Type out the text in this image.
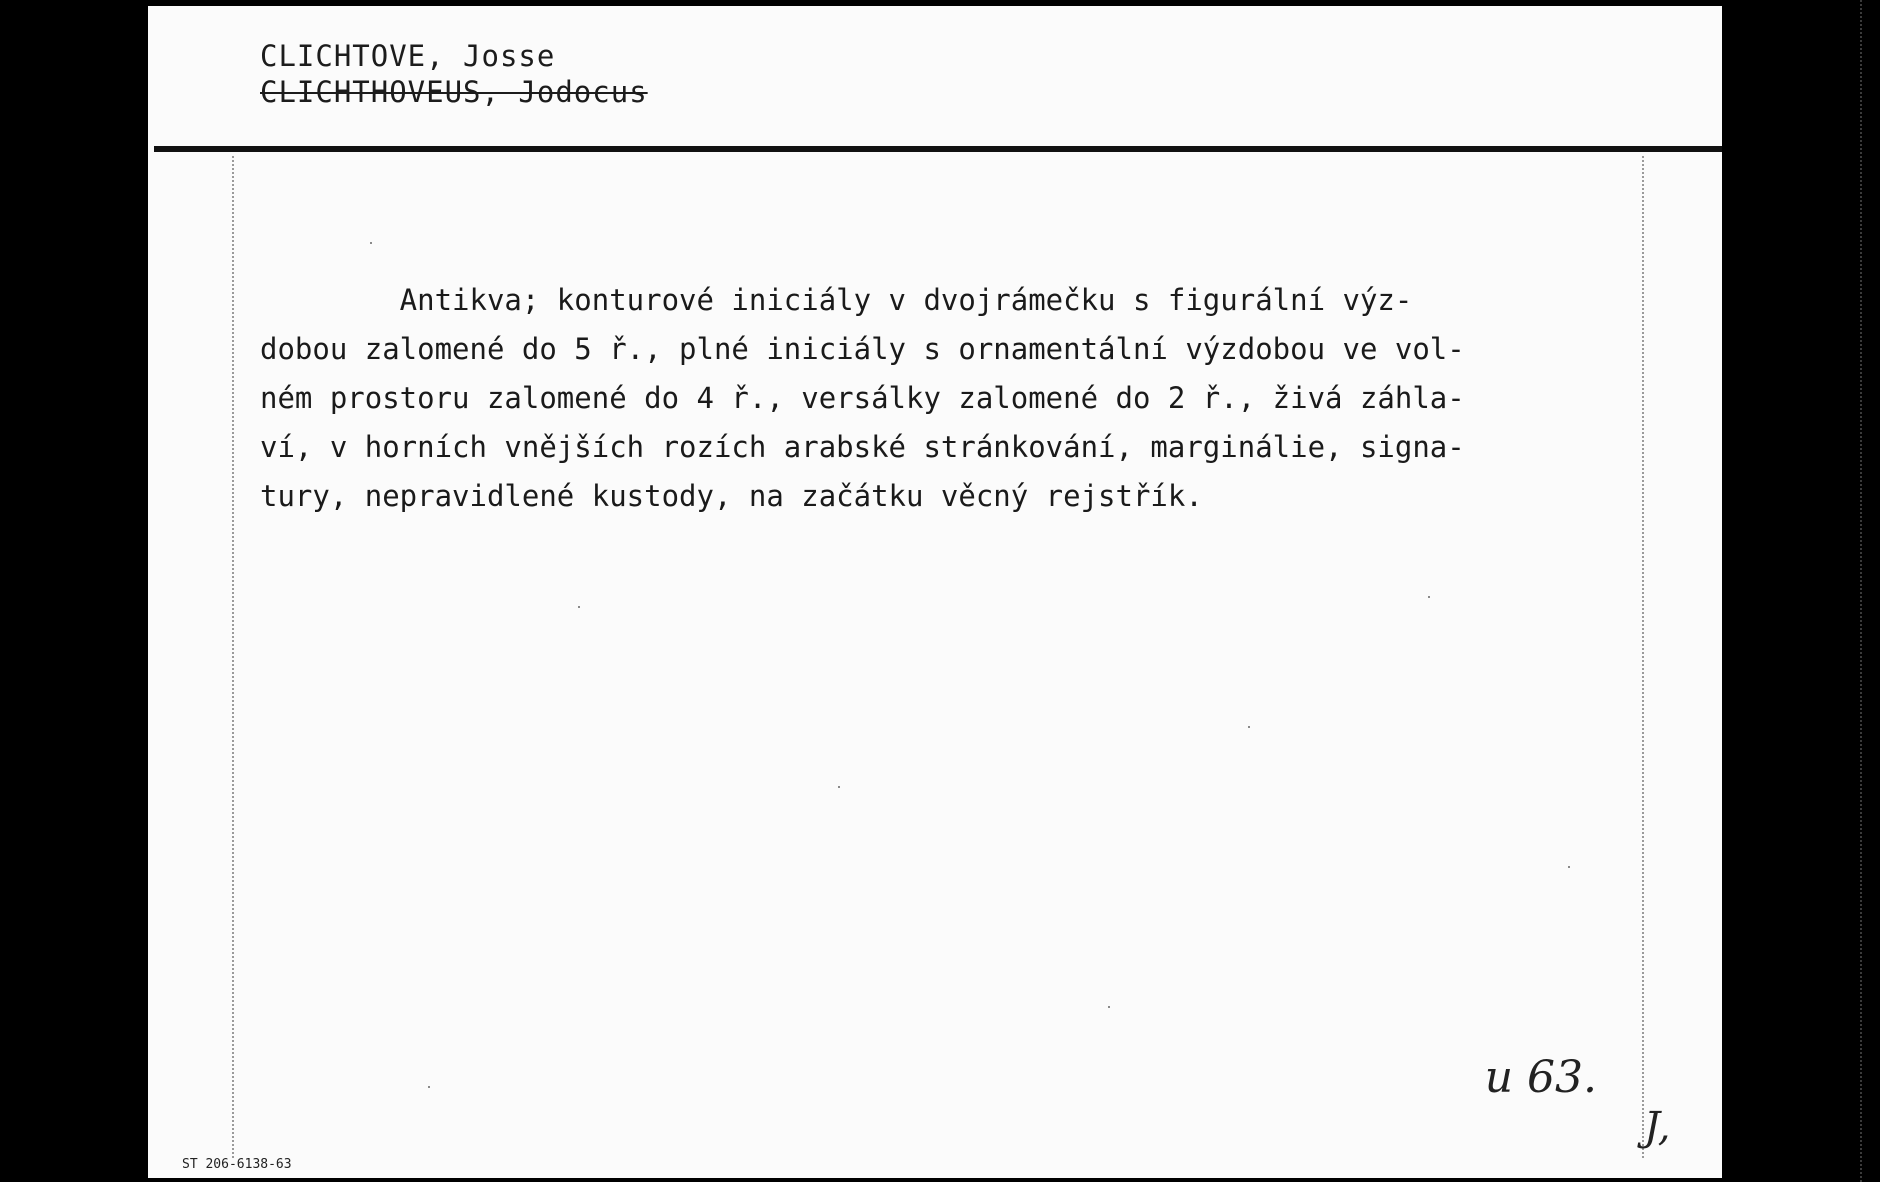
CLICHTOVE, Josse
CLICHTHOVEUS, Jodocus
Antikva; konturové iniciály v dvojrámečku s figurální výz-
dobou zalomené do 5 ř., plné iniciály s ornamentální výzdobou ve vol-
ném prostoru zalomené do 4 ř., versálky zalomené do 2 ř., živá záhla-
ví, v horních vnějších rozích arabské stránkování, marginálie, signa-
tury, nepravidlené kustody, na začátku věcný rejstřík.
u 63.
J,
ST 206-6138-63
